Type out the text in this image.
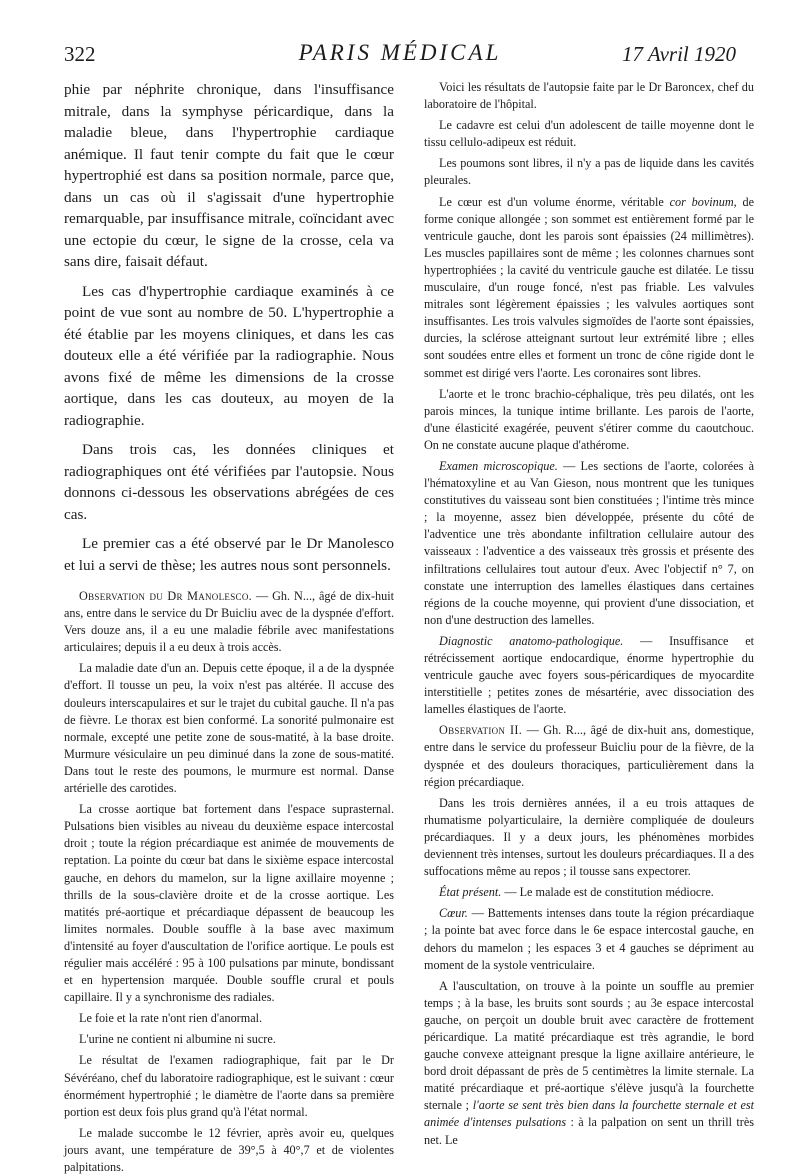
322	PARIS MÉDICAL	17 Avril 1920

phie par néphrite chronique, dans l'insuffisance mitrale, dans la symphyse péricardique, dans la maladie bleue, dans l'hypertrophie cardiaque anémique. Il faut tenir compte du fait que le cœur hypertrophié est dans sa position normale, parce que, dans un cas où il s'agissait d'une hypertrophie remarquable, par insuffisance mitrale, coïncidant avec une ectopie du cœur, le signe de la crosse, cela va sans dire, faisait défaut.

Les cas d'hypertrophie cardiaque examinés à ce point de vue sont au nombre de 50. L'hypertrophie a été établie par les moyens cliniques, et dans les cas douteux elle a été vérifiée par la radiographie. Nous avons fixé de même les dimensions de la crosse aortique, dans les cas douteux, au moyen de la radiographie.

Dans trois cas, les données cliniques et radiographiques ont été vérifiées par l'autopsie. Nous donnons ci-dessous les observations abrégées de ces cas.

Le premier cas a été observé par le Dr Manolesco et lui a servi de thèse; les autres nous sont personnels.

Observation du Dr Manolesco. — Gh. N..., âgé de dix-huit ans, entre dans le service du Dr Buicliu avec de la dyspnée d'effort. Vers douze ans, il a eu une maladie fébrile avec manifestations articulaires; depuis il a eu deux à trois accès.

La maladie date d'un an. Depuis cette époque, il a de la dyspnée d'effort. Il tousse un peu, la voix n'est pas altérée. Il accuse des douleurs interscapulaires et sur le trajet du cubital gauche. Il n'a pas de fièvre. Le thorax est bien conformé. La sonorité pulmonaire est normale, excepté une petite zone de sous-matité, à la base droite. Murmure vésiculaire un peu diminué dans la zone de sous-matité. Dans tout le reste des poumons, le murmure est normal. Danse artérielle des carotides.

La crosse aortique bat fortement dans l'espace suprasternal. Pulsations bien visibles au niveau du deuxième espace intercostal droit ; toute la région précardiaque est animée de mouvements de reptation. La pointe du cœur bat dans le sixième espace intercostal gauche, en dehors du mamelon, sur la ligne axillaire moyenne ; thrills de la sous-clavière droite et de la crosse aortique. Les matités pré-aortique et précardiaque dépassent de beaucoup les limites normales. Double souffle à la base avec maximum d'intensité au foyer d'auscultation de l'orifice aortique. Le pouls est régulier mais accéléré : 95 à 100 pulsations par minute, bondissant et en hypertension marquée. Double souffle crural et pouls capillaire. Il y a synchronisme des radiales.

Le foie et la rate n'ont rien d'anormal.

L'urine ne contient ni albumine ni sucre.

Le résultat de l'examen radiographique, fait par le Dr Sévéréano, chef du laboratoire radiographique, est le suivant : cœur énormément hypertrophié ; le diamètre de l'aorte dans sa première portion est deux fois plus grand qu'à l'état normal.

Le malade succombe le 12 février, après avoir eu, quelques jours avant, une température de 39°,5 à 40°,7 et de violentes palpitations.

Voici les résultats de l'autopsie faite par le Dr Baroncex, chef du laboratoire de l'hôpital.

Le cadavre est celui d'un adolescent de taille moyenne dont le tissu cellulo-adipeux est réduit.

Les poumons sont libres, il n'y a pas de liquide dans les cavités pleurales.

Le cœur est d'un volume énorme, véritable cor bovinum, de forme conique allongée ; son sommet est entièrement formé par le ventricule gauche, dont les parois sont épaissies (24 millimètres). Les muscles papillaires sont de même ; les colonnes charnues sont hypertrophiées ; la cavité du ventricule gauche est dilatée. Le tissu musculaire, d'un rouge foncé, n'est pas friable. Les valvules mitrales sont légèrement épaissies ; les valvules aortiques sont insuffisantes. Les trois valvules sigmoïdes de l'aorte sont épaissies, durcies, la sclérose atteignant surtout leur extrémité libre ; elles sont soudées entre elles et forment un tronc de cône rigide dont le sommet est dirigé vers l'aorte. Les coronaires sont libres.

L'aorte et le tronc brachio-céphalique, très peu dilatés, ont les parois minces, la tunique intime brillante. Les parois de l'aorte, d'une élasticité exagérée, peuvent s'étirer comme du caoutchouc. On ne constate aucune plaque d'athérome.

Examen microscopique. — Les sections de l'aorte, colorées à l'hématoxyline et au Van Gieson, nous montrent que les tuniques constitutives du vaisseau sont bien constituées ; l'intime très mince ; la moyenne, assez bien développée, présente du côté de l'adventice une très abondante infiltration cellulaire autour des vaisseaux : l'adventice a des vaisseaux très grossis et présente des infiltrations cellulaires tout autour d'eux. Avec l'objectif n° 7, on constate une interruption des lamelles élastiques dans certaines régions de la couche moyenne, qui provient d'une dissociation, et non d'une destruction des lamelles.

Diagnostic anatomo-pathologique. — Insuffisance et rétrécissement aortique endocardique, énorme hypertrophie du ventricule gauche avec foyers sous-péricardiques de myocardite interstitielle ; petites zones de mésartérie, avec dissociation des lamelles élastiques de l'aorte.

Observation II. — Gh. R..., âgé de dix-huit ans, domestique, entre dans le service du professeur Buicliu pour de la fièvre, de la dyspnée et des douleurs thoraciques, particulièrement dans la région précardiaque.

Dans les trois dernières années, il a eu trois attaques de rhumatisme polyarticulaire, la dernière compliquée de douleurs précardiaques. Il y a deux jours, les phénomènes morbides deviennent très intenses, surtout les douleurs précardiaques. Il a des suffocations même au repos ; il tousse sans expectorer.

État présent. — Le malade est de constitution médiocre.

Cœur. — Battements intenses dans toute la région précardiaque ; la pointe bat avec force dans le 6e espace intercostal gauche, en dehors du mamelon ; les espaces 3 et 4 gauches se dépriment au moment de la systole ventriculaire.

A l'auscultation, on trouve à la pointe un souffle au premier temps ; à la base, les bruits sont sourds ; au 3e espace intercostal gauche, on perçoit un double bruit avec caractère de frottement péricardique. La matité précardiaque est très agrandie, le bord gauche convexe atteignant presque la ligne axillaire antérieure, le bord droit dépassant de près de 5 centimètres la limite sternale. La matité précardiaque et pré-aortique s'élève jusqu'à la fourchette sternale ; l'aorte se sent très bien dans la fourchette sternale et est animée d'intenses pulsations : à la palpation on sent un thrill très net. Le
